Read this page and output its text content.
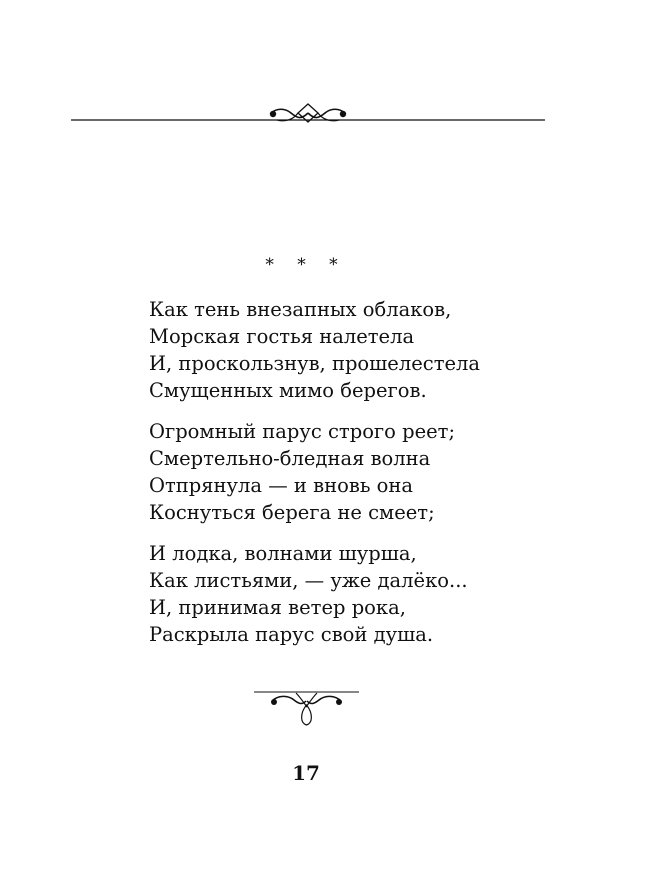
* * *
Как тень внезапных облаков,
Морская гостья налетела
И, проскользнув, прошелестела
Смущенных мимо берегов.
Огромный парус строго реет;
Смертельно-бледная волна
Отпрянула — и вновь она
Коснуться берега не смеет;
И лодка, волнами шурша,
Как листьями, — уже далёко...
И, принимая ветер рока,
Раскрыла парус свой душа.
17
